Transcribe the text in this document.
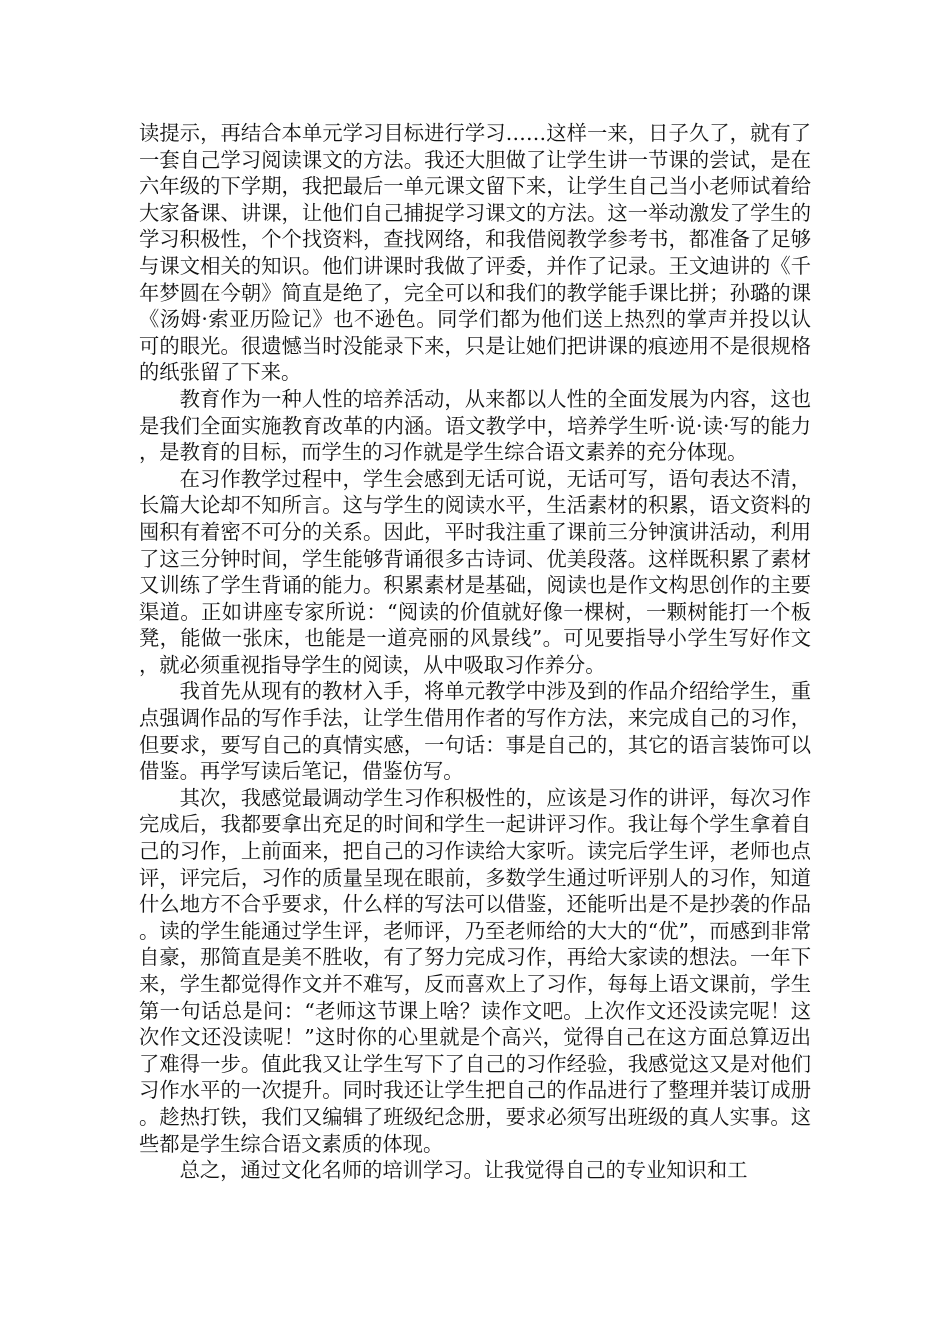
读提示，再结合本单元学习目标进行学习……这样一来，日子久了，就有了一套自己学习阅读课文的方法。我还大胆做了让学生讲一节课的尝试，是在六年级的下学期，我把最后一单元课文留下来，让学生自己当小老师试着给大家备课、讲课，让他们自己捕捉学习课文的方法。这一举动激发了学生的学习积极性，个个找资料，查找网络，和我借阅教学参考书，都准备了足够与课文相关的知识。他们讲课时我做了评委，并作了记录。王文迪讲的《千年梦圆在今朝》简直是绝了，完全可以和我们的教学能手课比拼；孙璐的课《汤姆·索亚历险记》也不逊色。同学们都为他们送上热烈的掌声并投以认可的眼光。很遗憾当时没能录下来，只是让她们把讲课的痕迹用不是很规格的纸张留了下来。

教育作为一种人性的培养活动，从来都以人性的全面发展为内容，这也是我们全面实施教育改革的内涵。语文教学中，培养学生听·说·读·写的能力，是教育的目标，而学生的习作就是学生综合语文素养的充分体现。

在习作教学过程中，学生会感到无话可说，无话可写，语句表达不清，长篇大论却不知所言。这与学生的阅读水平，生活素材的积累，语文资料的囤积有着密不可分的关系。因此，平时我注重了课前三分钟演讲活动，利用了这三分钟时间，学生能够背诵很多古诗词、优美段落。这样既积累了素材又训练了学生背诵的能力。积累素材是基础，阅读也是作文构思创作的主要渠道。正如讲座专家所说：“阅读的价值就好像一棵树，一颗树能打一个板凳，能做一张床，也能是一道亮丽的风景线”。可见要指导小学生写好作文，就必须重视指导学生的阅读，从中吸取习作养分。

我首先从现有的教材入手，将单元教学中涉及到的作品介绍给学生，重点强调作品的写作手法，让学生借用作者的写作方法，来完成自己的习作，但要求，要写自己的真情实感，一句话：事是自己的，其它的语言装饰可以借鉴。再学写读后笔记，借鉴仿写。

其次，我感觉最调动学生习作积极性的，应该是习作的讲评，每次习作完成后，我都要拿出充足的时间和学生一起讲评习作。我让每个学生拿着自己的习作，上前面来，把自己的习作读给大家听。读完后学生评，老师也点评，评完后，习作的质量呈现在眼前，多数学生通过听评别人的习作，知道什么地方不合乎要求，什么样的写法可以借鉴，还能听出是不是抄袭的作品。读的学生能通过学生评，老师评，乃至老师给的大大的“优”，而感到非常自豪，那简直是美不胜收，有了努力完成习作，再给大家读的想法。一年下来，学生都觉得作文并不难写，反而喜欢上了习作，每每上语文课前，学生第一句话总是问：“老师这节课上啥？读作文吧。上次作文还没读完呢！这次作文还没读呢！”这时你的心里就是个高兴，觉得自己在这方面总算迈出了难得一步。值此我又让学生写下了自己的习作经验，我感觉这又是对他们习作水平的一次提升。同时我还让学生把自己的作品进行了整理并装订成册。趁热打铁，我们又编辑了班级纪念册，要求必须写出班级的真人实事。这些都是学生综合语文素质的体现。

总之，通过文化名师的培训学习。让我觉得自己的专业知识和工
